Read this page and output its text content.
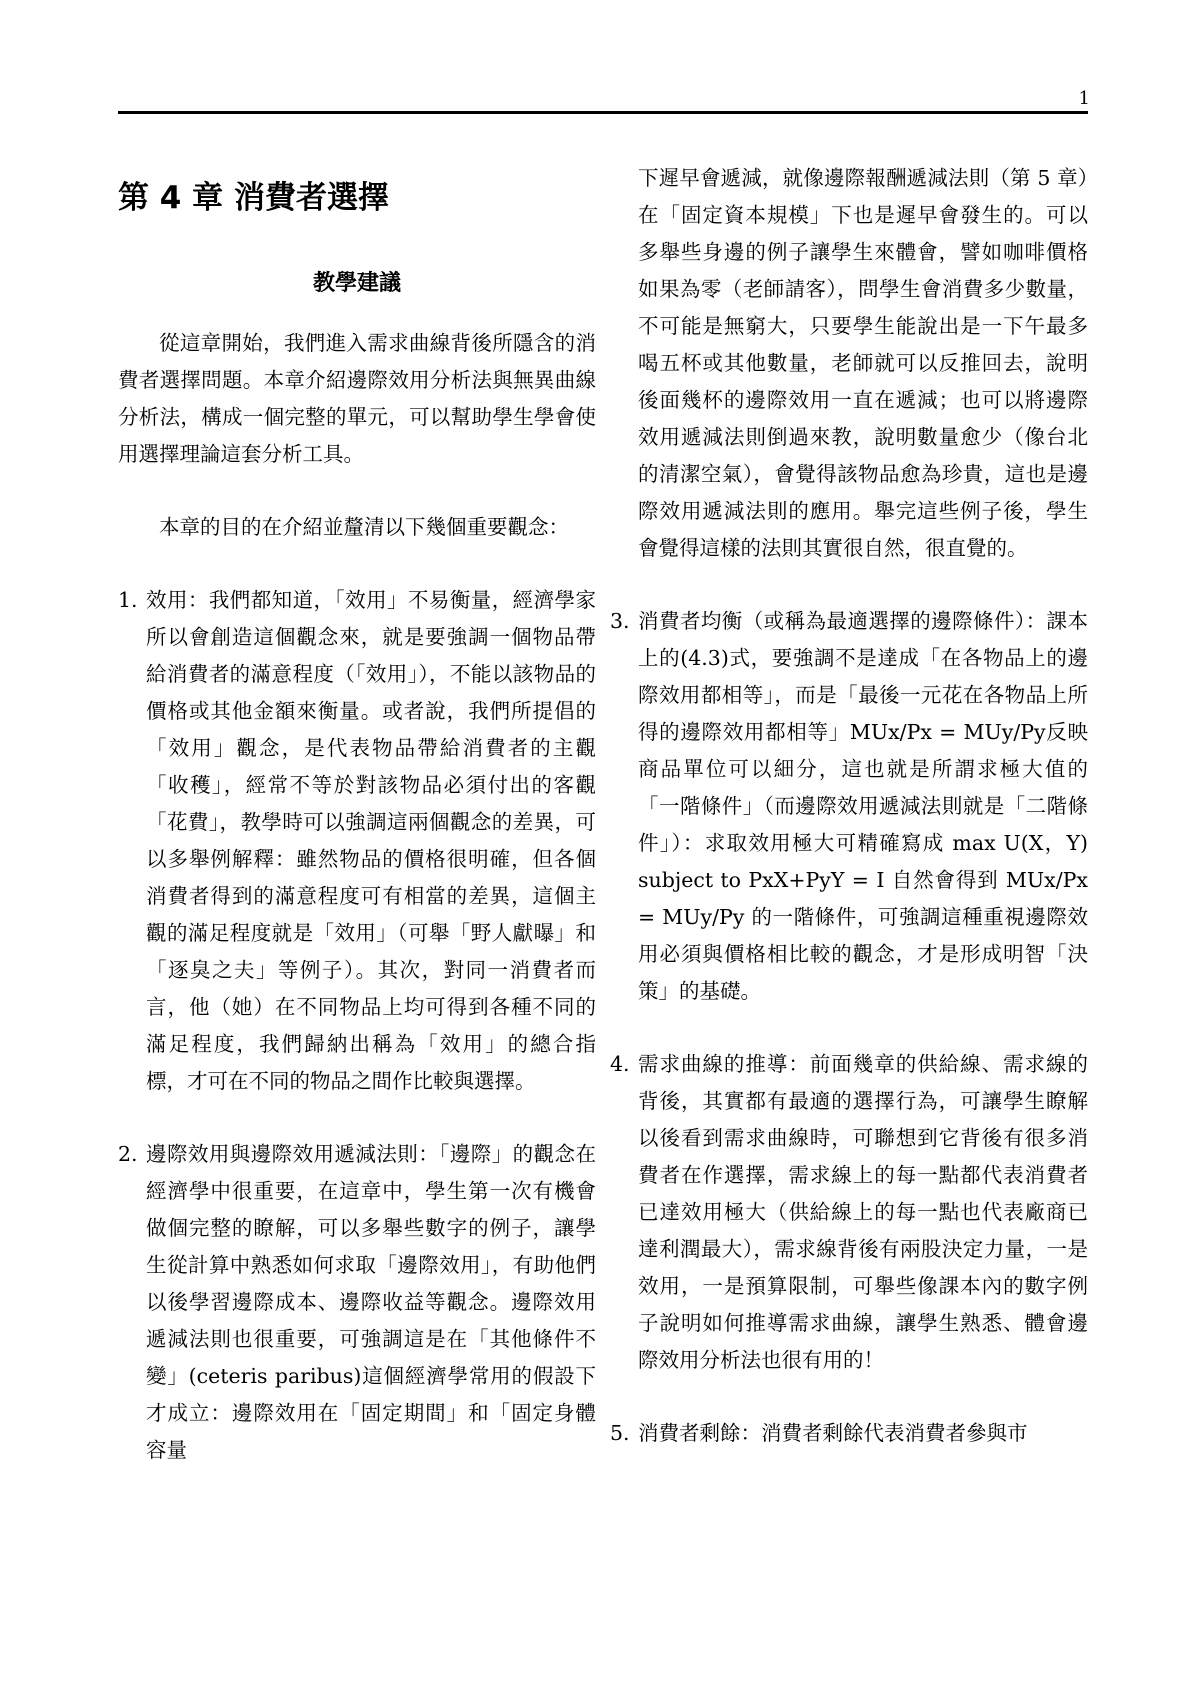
1
第 4 章 消費者選擇
教學建議

從這章開始，我們進入需求曲線背後所隱含的消費者選擇問題。本章介紹邊際效用分析法與無異曲線分析法，構成一個完整的單元，可以幫助學生學會使用選擇理論這套分析工具。

本章的目的在介紹並釐清以下幾個重要觀念：

1. 效用：我們都知道，「效用」不易衡量，經濟學家所以會創造這個觀念來，就是要強調一個物品帶給消費者的滿意程度（「效用」），不能以該物品的價格或其他金額來衡量。或者說，我們所提倡的「效用」觀念，是代表物品帶給消費者的主觀「收穫」，經常不等於對該物品必須付出的客觀「花費」，教學時可以強調這兩個觀念的差異，可以多舉例解釋：雖然物品的價格很明確，但各個消費者得到的滿意程度可有相當的差異，這個主觀的滿足程度就是「效用」（可舉「野人獻曝」和「逐臭之夫」等例子）。其次，對同一消費者而言，他（她）在不同物品上均可得到各種不同的滿足程度，我們歸納出稱為「效用」的總合指標，才可在不同的物品之間作比較與選擇。
2. 邊際效用與邊際效用遞減法則：「邊際」的觀念在經濟學中很重要，在這章中，學生第一次有機會做個完整的瞭解，可以多舉些數字的例子，讓學生從計算中熟悉如何求取「邊際效用」，有助他們以後學習邊際成本、邊際收益等觀念。邊際效用遞減法則也很重要，可強調這是在「其他條件不變」(ceteris paribus)這個經濟學常用的假設下才成立：邊際效用在「固定期間」和「固定身體容量
下遲早會遞減，就像邊際報酬遞減法則（第 5 章）在「固定資本規模」下也是遲早會發生的。可以多舉些身邊的例子讓學生來體會，譬如咖啡價格如果為零（老師請客），問學生會消費多少數量，不可能是無窮大，只要學生能說出是一下午最多喝五杯或其他數量，老師就可以反推回去，說明後面幾杯的邊際效用一直在遞減；也可以將邊際效用遞減法則倒過來教，說明數量愈少（像台北的清潔空氣），會覺得該物品愈為珍貴，這也是邊際效用遞減法則的應用。舉完這些例子後，學生會覺得這樣的法則其實很自然，很直覺的。
3. 消費者均衡（或稱為最適選擇的邊際條件）：課本上的(4.3)式，要強調不是達成「在各物品上的邊際效用都相等」，而是「最後一元花在各物品上所得的邊際效用都相等」MUx/Px = MUy/Py反映商品單位可以細分，這也就是所謂求極大值的「一階條件」（而邊際效用遞減法則就是「二階條件」）：求取效用極大可精確寫成 max U(X，Y) subject to PxX+PyY = I 自然會得到 MUx/Px = MUy/Py 的一階條件，可強調這種重視邊際效用必須與價格相比較的觀念，才是形成明智「決策」的基礎。
4. 需求曲線的推導：前面幾章的供給線、需求線的背後，其實都有最適的選擇行為，可讓學生瞭解以後看到需求曲線時，可聯想到它背後有很多消費者在作選擇，需求線上的每一點都代表消費者已達效用極大（供給線上的每一點也代表廠商已達利潤最大），需求線背後有兩股決定力量，一是效用，一是預算限制，可舉些像課本內的數字例子說明如何推導需求曲線，讓學生熟悉、體會邊際效用分析法也很有用的！
5. 消費者剩餘：消費者剩餘代表消費者參與市
